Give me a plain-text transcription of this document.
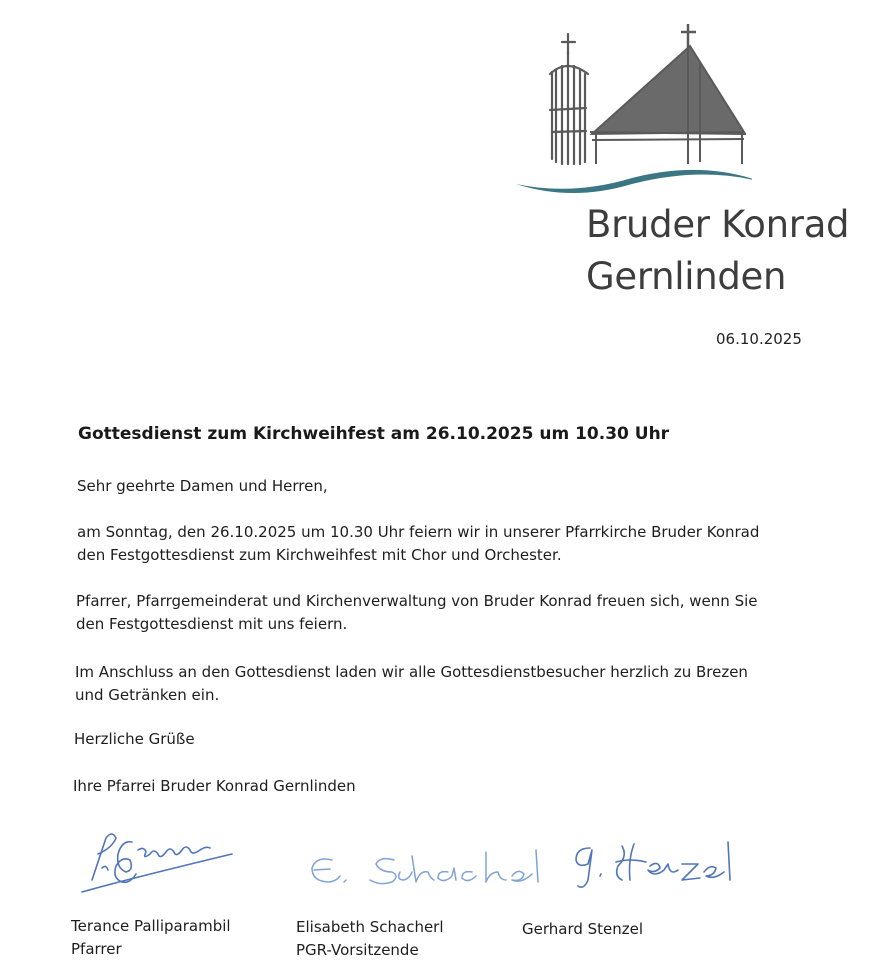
Bruder Konrad
Gernlinden
06.10.2025
Gottesdienst zum Kirchweihfest am 26.10.2025 um 10.30 Uhr
Sehr geehrte Damen und Herren,
am Sonntag, den 26.10.2025 um 10.30 Uhr feiern wir in unserer Pfarrkirche Bruder Konrad
den Festgottesdienst zum Kirchweihfest mit Chor und Orchester.
Pfarrer, Pfarrgemeinderat und Kirchenverwaltung von Bruder Konrad freuen sich, wenn Sie
den Festgottesdienst mit uns feiern.
Im Anschluss an den Gottesdienst laden wir alle Gottesdienstbesucher herzlich zu Brezen
und Getränken ein.
Herzliche Grüße
Ihre Pfarrei Bruder Konrad Gernlinden
Terance Palliparambil
Pfarrer
Elisabeth Schacherl
PGR-Vorsitzende
Gerhard Stenzel
